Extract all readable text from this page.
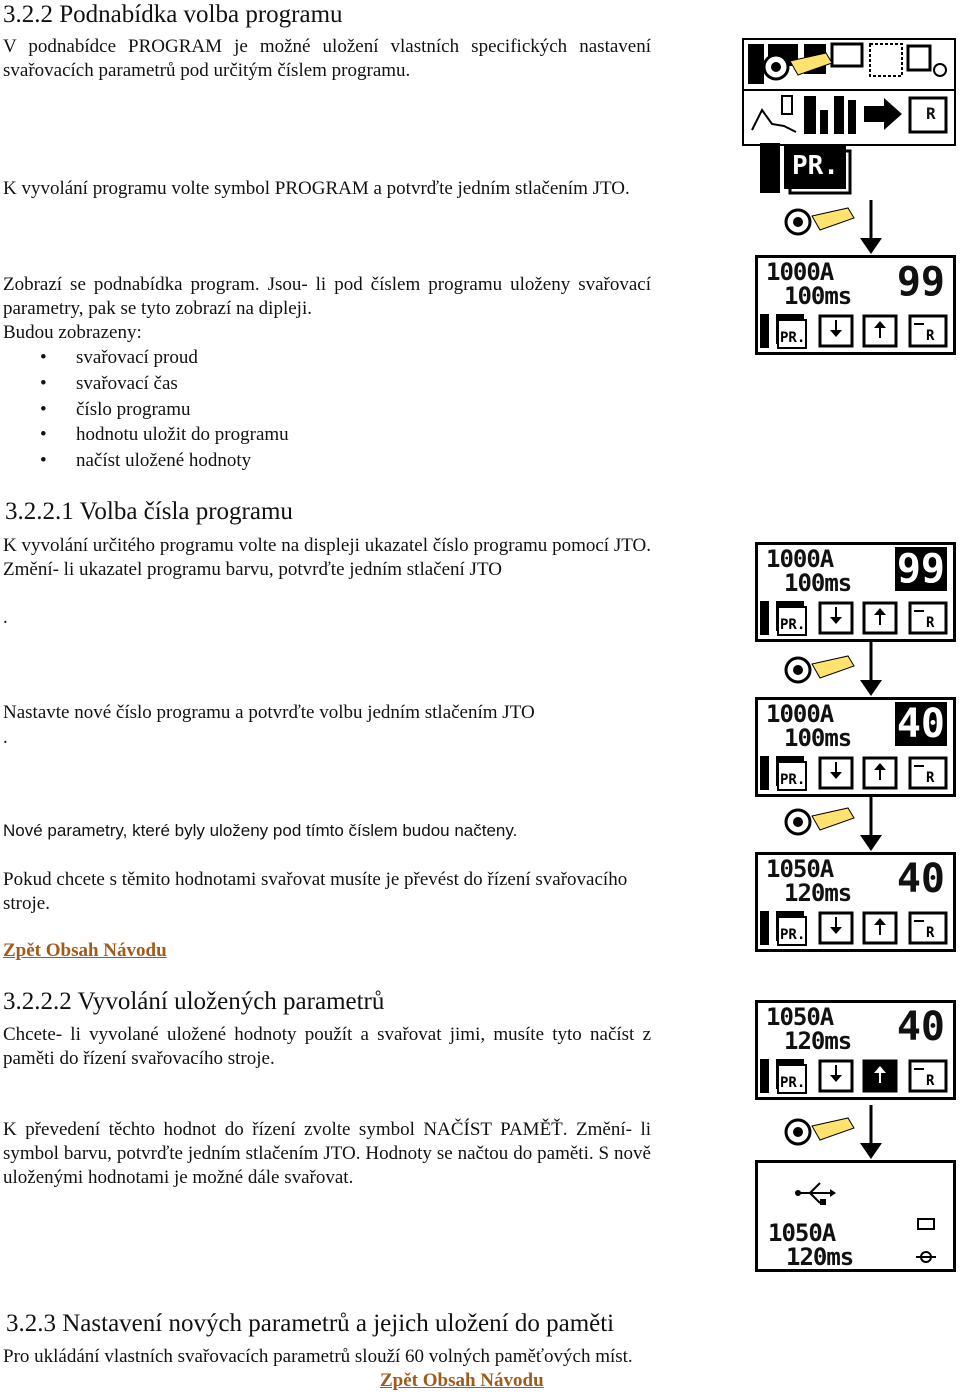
3.2.2 Podnabídka volba programu

V podnabídce PROGRAM je možné uložení vlastních specifických nastavení svařovacích parametrů pod určitým číslem programu.

K vyvolání programu volte symbol PROGRAM a potvrďte jedním stlačením JTO.

Zobrazí se podnabídka program. Jsou- li pod číslem programu uloženy svařovací parametry, pak se tyto zobrazí na dipleji.

Budou zobrazeny:

• svařovací proud
• svařovací čas
• číslo programu
• hodnotu uložit do programu
• načíst uložené hodnoty
3.2.2.1 Volba čísla programu

K vyvolání určitého programu volte na displeji ukazatel číslo programu pomocí JTO. Změní- li ukazatel programu barvu, potvrďte jedním stlačení JTO

.

Nastavte nové číslo programu a potvrďte volbu jedním stlačením JTO

.

Nové parametry, které byly uloženy pod tímto číslem budou načteny.

Pokud chcete s těmito hodnotami svařovat musíte je převést do řízení svařovacího stroje.

Zpět Obsah Návodu
3.2.2.2 Vyvolání uložených parametrů

Chcete- li vyvolané uložené hodnoty použít a svařovat jimi, musíte tyto načíst z paměti do řízení svařovacího stroje.

K převedení těchto hodnot do řízení zvolte symbol NAČÍST PAMĚŤ. Změní- li symbol barvu, potvrďte jedním stlačením JTO. Hodnoty se načtou do paměti. S nově uloženými hodnotami je možné dále svařovat.

3.2.3 Nastavení nových parametrů a jejich uložení do paměti

Pro ukládání vlastních svařovacích parametrů slouží 60 volných paměťových míst.

Zpět Obsah Návodu
R
PR.
1000A
100ms 99
PR.	R
1000A
100ms 99
PR.	R
1000A
100ms 40
PR.	R
1050A
120ms 40
PR.	R
1050A
120ms 40
PR.	R
1050A
120ms
